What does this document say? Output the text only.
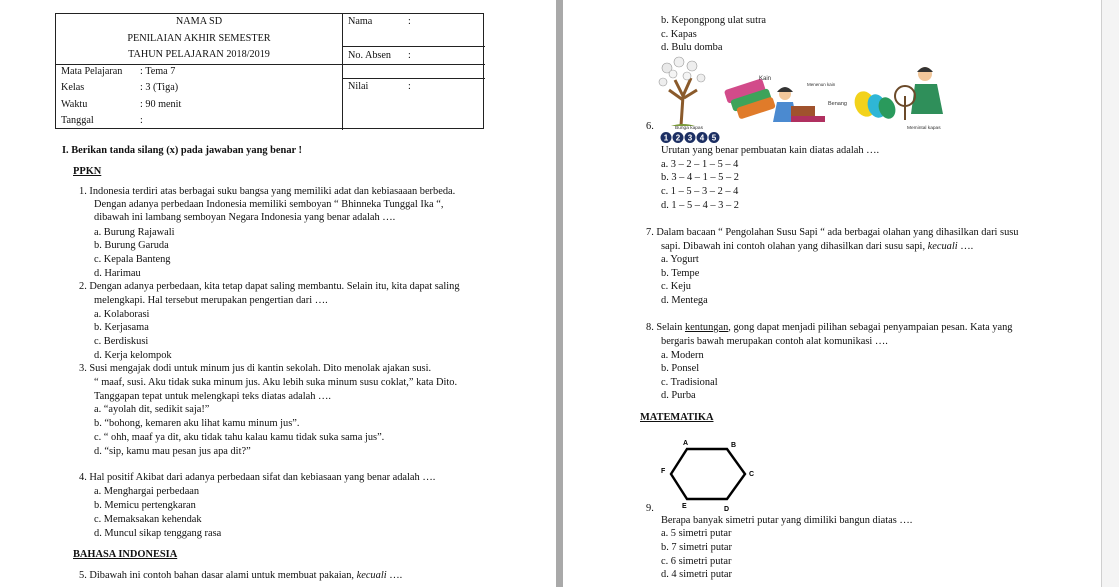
NAMA SD
PENILAIAN AKHIR SEMESTER
TAHUN PELAJARAN 2018/2019
Mata Pelajaran : Tema 7
Kelas	: 3 (Tiga)
Waktu	: 90 menit
Tanggal	:
Nama	:
No. Absen :
Nilai	:
I. Berikan tanda silang (x) pada jawaban yang benar !
PPKN
1. Indonesia terdiri atas berbagai suku bangsa yang memiliki adat dan kebiasaaan berbeda.
Dengan adanya perbedaan Indonesia memiliki semboyan “ Bhinneka Tunggal Ika “,
dibawah ini lambang semboyan Negara Indonesia yang benar adalah ….
a. Burung Rajawali
b. Burung Garuda
c. Kepala Banteng
d. Harimau
2. Dengan adanya perbedaan, kita tetap dapat saling membantu. Selain itu, kita dapat saling
melengkapi. Hal tersebut merupakan pengertian dari ….
a. Kolaborasi
b. Kerjasama
c. Berdiskusi
d. Kerja kelompok
3. Susi mengajak dodi untuk minum jus di kantin sekolah. Dito menolak ajakan susi.
“ maaf, susi. Aku tidak suka minum jus. Aku lebih suka minum susu coklat,” kata Dito.
Tanggapan tepat untuk melengkapi teks diatas adalah ….
a. “ayolah dit, sedikit saja!”
b. “bohong, kemaren aku lihat kamu minum jus”.
c. “ ohh, maaf ya dit, aku tidak tahu kalau kamu tidak suka sama jus”.
d. “sip, kamu mau pesan jus apa dit?”
4. Hal positif Akibat dari adanya perbedaan sifat dan kebiasaan yang benar adalah ….
a. Menghargai perbedaan
b. Memicu pertengkaran
c. Memaksakan kehendak
d. Muncul sikap tenggang rasa
BAHASA INDONESIA
5. Dibawah ini contoh bahan dasar alami untuk membuat pakaian, kecuali ….
b. Kepongpong ulat sutra
c. Kapas
d. Bulu domba
Kain
Menenun kain
Benang
Bunga kapas	Memintal kapas
6.
1 2 3 4 5
Urutan yang benar pembuatan kain diatas adalah ….
a. 3 – 2 – 1 – 5 – 4
b. 3 – 4 – 1 – 5 – 2
c. 1 – 5 – 3 – 2 – 4
d. 1 – 5 – 4 – 3 – 2
7. Dalam bacaan “ Pengolahan Susu Sapi “ ada berbagai olahan yang dihasilkan dari susu
sapi. Dibawah ini contoh olahan yang dihasilkan dari susu sapi, kecuali ….
a. Yogurt
b. Tempe
c. Keju
d. Mentega
8. Selain kentungan, gong dapat menjadi pilihan sebagai penyampaian pesan. Kata yang
bergaris bawah merupakan contoh alat komunikasi ….
a. Modern
b. Ponsel
c. Tradisional
d. Purba
MATEMATIKA
A	B
C
D
E
F
9.
Berapa banyak simetri putar yang dimiliki bangun diatas ….
a. 5 simetri putar
b. 7 simetri putar
c. 6 simetri putar
d. 4 simetri putar
